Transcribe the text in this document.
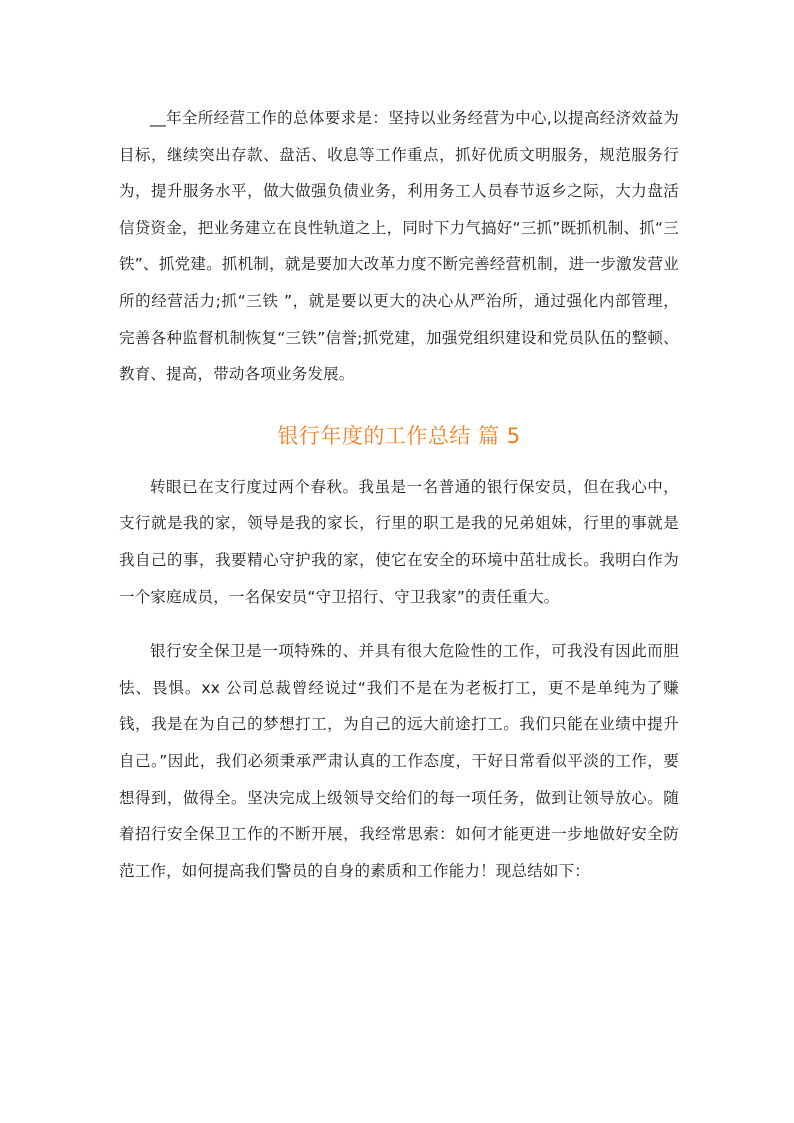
__年全所经营工作的总体要求是：坚持以业务经营为中心,以提高经济效益为目标，继续突出存款、盘活、收息等工作重点，抓好优质文明服务，规范服务行为，提升服务水平，做大做强负债业务，利用务工人员春节返乡之际，大力盘活信贷资金，把业务建立在良性轨道之上，同时下力气搞好“三抓”既抓机制、抓“三铁”、抓党建。抓机制，就是要加大改革力度不断完善经营机制，进一步激发营业所的经营活力;抓“三铁 ”，就是要以更大的决心从严治所，通过强化内部管理，完善各种监督机制恢复“三铁”信誉;抓党建，加强党组织建设和党员队伍的整顿、教育、提高，带动各项业务发展。

银行年度的工作总结 篇 5

转眼已在支行度过两个春秋。我虽是一名普通的银行保安员，但在我心中，支行就是我的家，领导是我的家长，行里的职工是我的兄弟姐妹，行里的事就是我自己的事，我要精心守护我的家，使它在安全的环境中茁壮成长。我明白作为一个家庭成员，一名保安员“守卫招行、守卫我家”的责任重大。

银行安全保卫是一项特殊的、并具有很大危险性的工作，可我没有因此而胆怯、畏惧。xx 公司总裁曾经说过“我们不是在为老板打工，更不是单纯为了赚钱，我是在为自己的梦想打工，为自己的远大前途打工。我们只能在业绩中提升自己。”因此，我们必须秉承严肃认真的工作态度，干好日常看似平淡的工作，要想得到，做得全。坚决完成上级领导交给们的每一项任务，做到让领导放心。随着招行安全保卫工作的不断开展，我经常思索：如何才能更进一步地做好安全防范工作，如何提高我们警员的自身的素质和工作能力！现总结如下：
